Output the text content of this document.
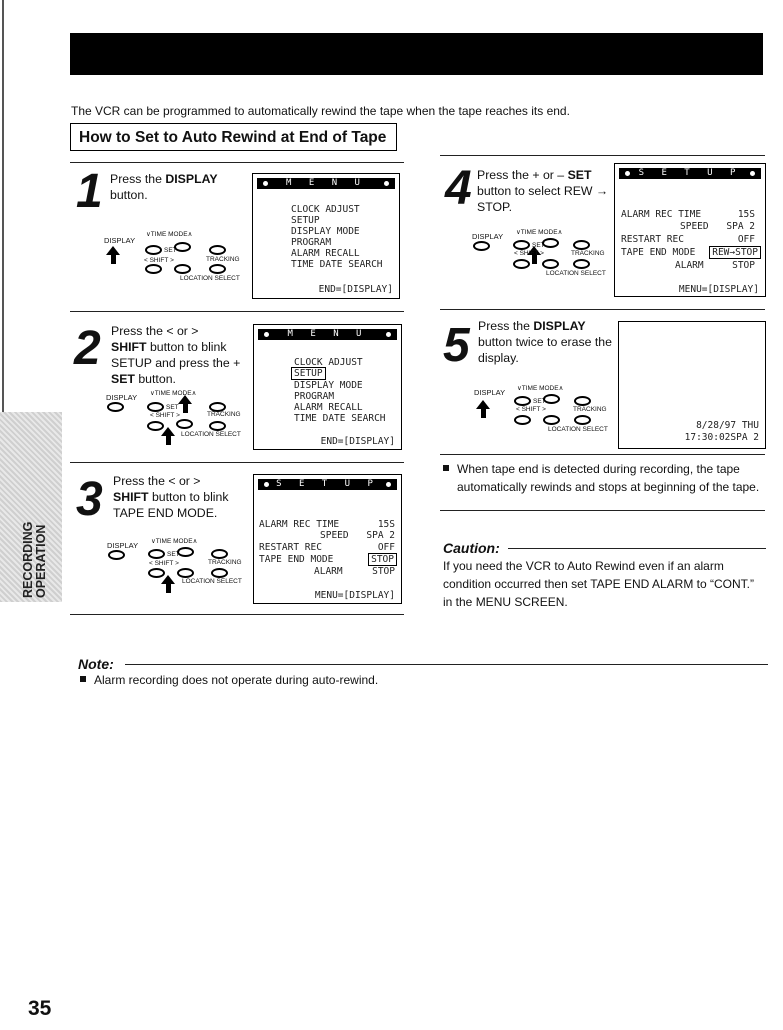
The VCR can be programmed to automatically rewind the tape when the tape reaches its end.
How to Set to Auto Rewind at End of Tape
RECORDING OPERATION
1 Press the DISPLAY
button.
DISPLAY
∨TIME MODE∧
SET
< SHIFT >	TRACKING
LOCATION SELECT
M E N U
CLOCK ADJUST
SETUP
DISPLAY MODE
PROGRAM
ALARM RECALL
TIME DATE SEARCH
END=[DISPLAY]
2 Press the < or >
SHIFT button to blink
SETUP and press the +
SET button.
DISPLAY ∨TIME MODE∧
SET
< SHIFT >	TRACKING
LOCATION SELECT
M E N U
CLOCK ADJUST
SETUP
DISPLAY MODE
PROGRAM
ALARM RECALL
TIME DATE SEARCH
END=[DISPLAY]
3 Press the < or >
SHIFT button to blink
TAPE END MODE.
DISPLAY ∨TIME MODE∧
SET
< SHIFT >	TRACKING
LOCATION SELECT
S E T U P
ALARM REC TIME	15S
SPEED SPA 2
RESTART REC	OFF
TAPE END MODE	STOP
ALARM	STOP
MENU=[DISPLAY]
4 Press the + or – SET
button to select REW →
STOP.
DISPLAY ∨TIME MODE∧
SET
< SHIFT >	TRACKING
LOCATION SELECT
S E T U P
ALARM REC TIME	15S
SPEED SPA 2
RESTART REC	OFF
TAPE END MODE	REW→STOP
ALARM	STOP
MENU=[DISPLAY]
5 Press the DISPLAY
button twice to erase the
display.
DISPLAY ∨TIME MODE∧
SET
< SHIFT >	TRACKING
LOCATION SELECT	8/28/97 THU
17:30:02SPA 2
When tape end is detected during recording, the tape automatically rewinds and stops at beginning of the tape.
Caution:
If you need the VCR to Auto Rewind even if an alarm condition occurred then set TAPE END ALARM to “CONT.” in the MENU SCREEN.
Note:
Alarm recording does not operate during auto-rewind.
35
